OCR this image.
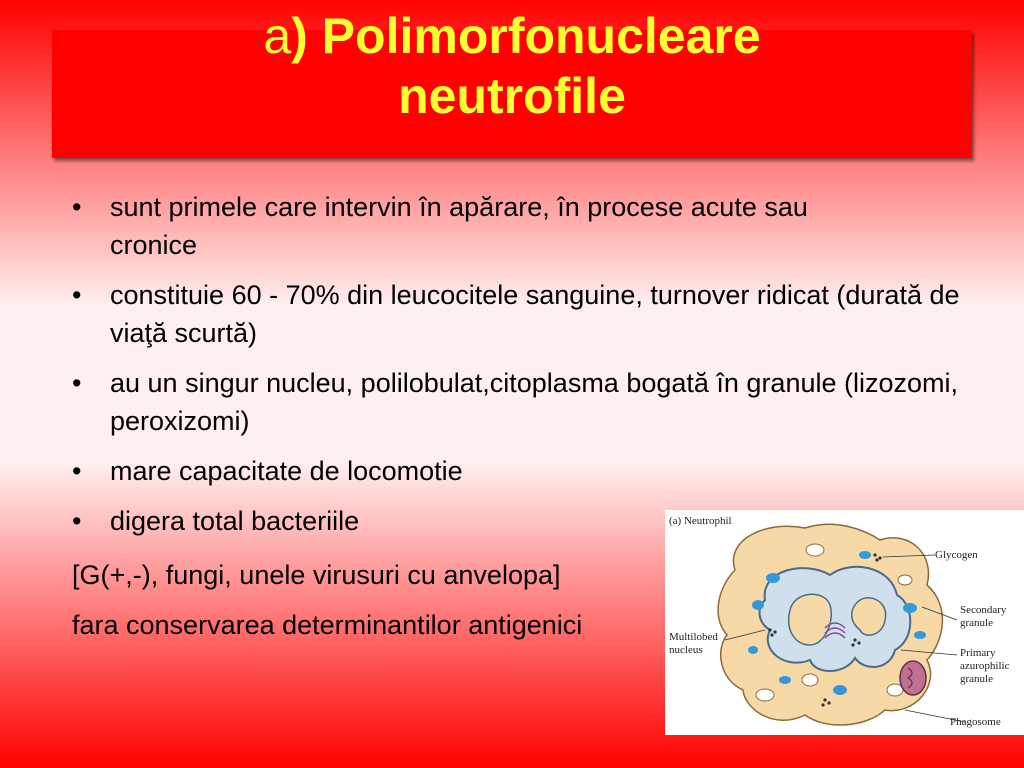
a) Polimorfonucleare
neutrofile
• sunt primele care intervin în apărare, în procese acute sau cronice
• constituie 60 - 70% din leucocitele sanguine, turnover ridicat (durată de viaţă scurtă)
• au un singur nucleu, polilobulat,citoplasma bogată în granule (lizozomi, peroxizomi)
• mare capacitate de locomotie
• digera total bacteriile
[G(+,-), fungi, unele virusuri cu anvelopa]
fara conservarea determinantilor antigenici
(a) Neutrophil
Glycogen
Secondary
granule
Multilobed
nucleus	Primary
azurophilic
granule
Phagosome
